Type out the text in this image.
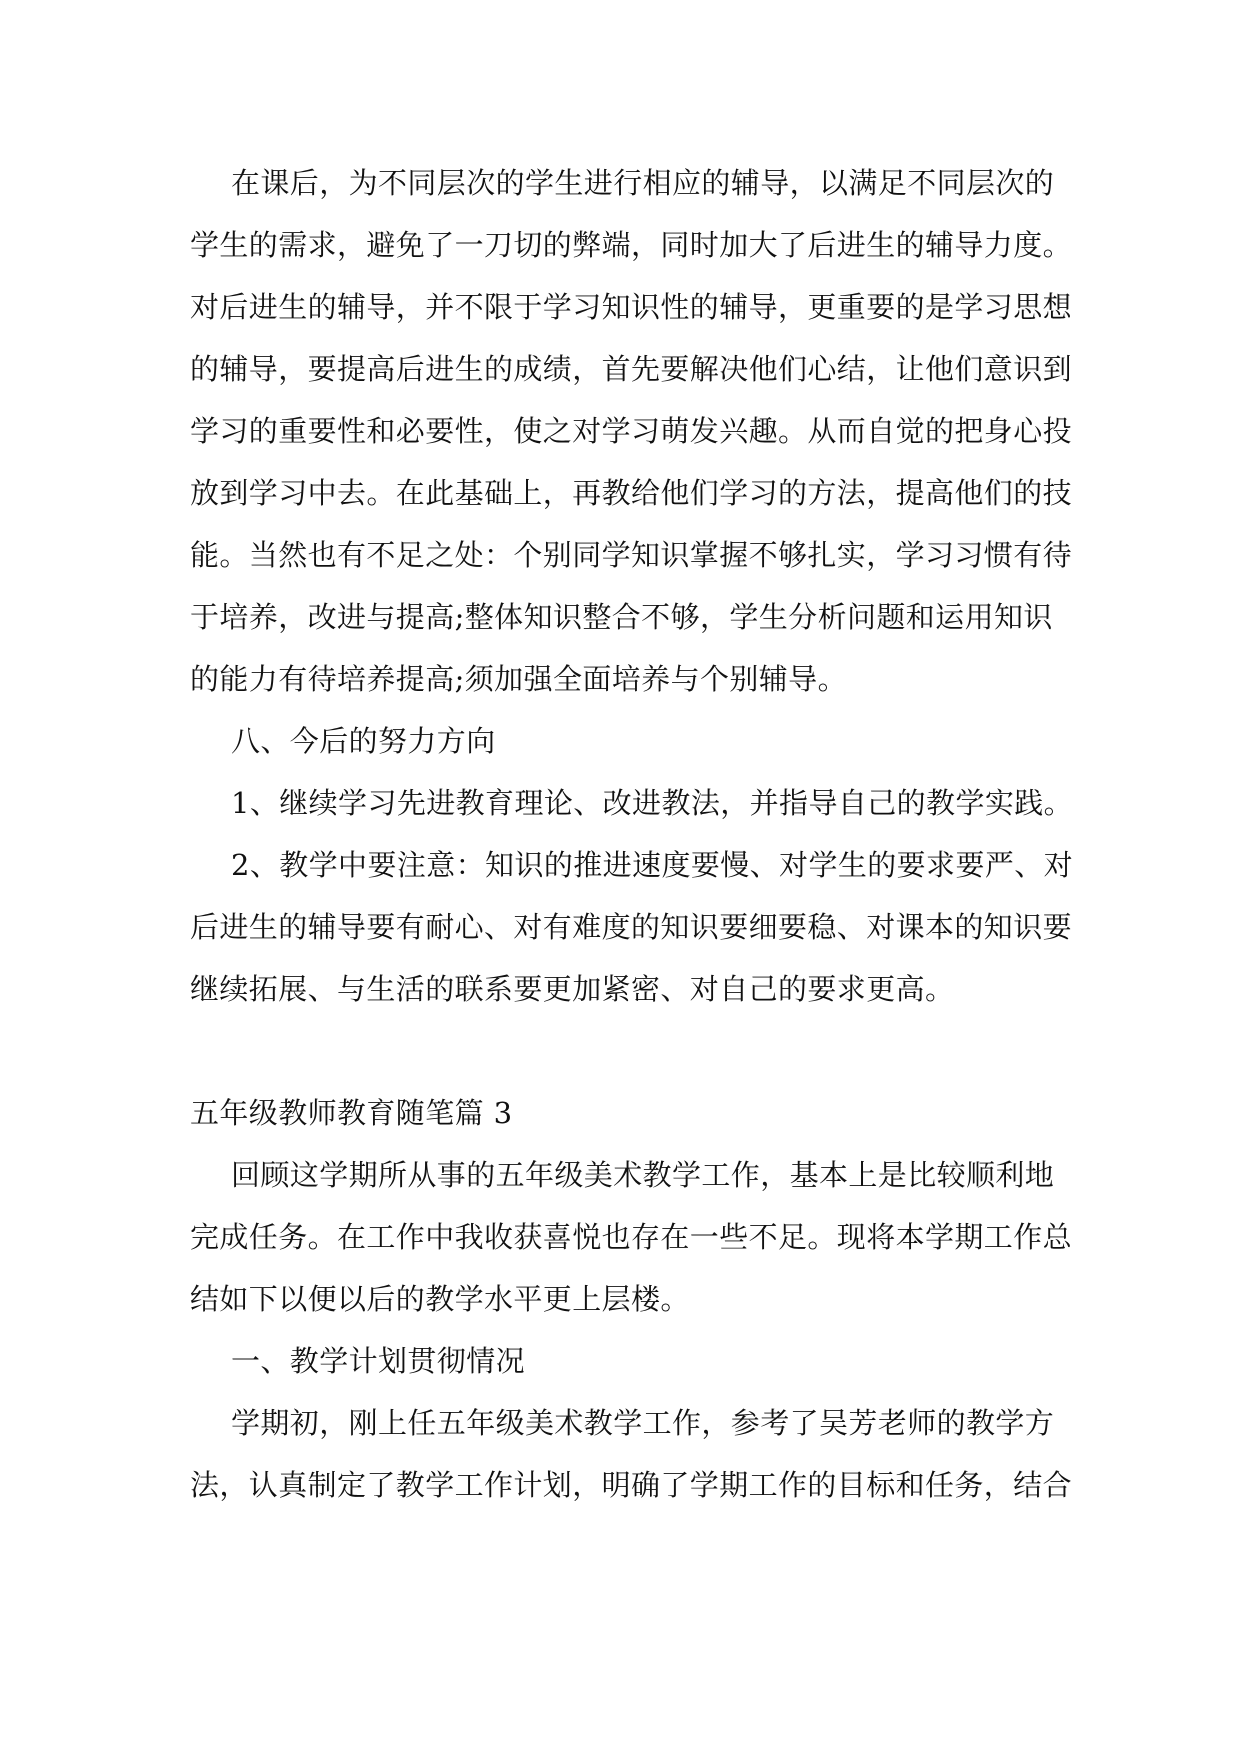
在课后，为不同层次的学生进行相应的辅导，以满足不同层次的
学生的需求，避免了一刀切的弊端，同时加大了后进生的辅导力度。
对后进生的辅导，并不限于学习知识性的辅导，更重要的是学习思想
的辅导，要提高后进生的成绩，首先要解决他们心结，让他们意识到
学习的重要性和必要性，使之对学习萌发兴趣。从而自觉的把身心投
放到学习中去。在此基础上，再教给他们学习的方法，提高他们的技
能。当然也有不足之处：个别同学知识掌握不够扎实，学习习惯有待
于培养，改进与提高;整体知识整合不够，学生分析问题和运用知识
的能力有待培养提高;须加强全面培养与个别辅导。
八、今后的努力方向
1、继续学习先进教育理论、改进教法，并指导自己的教学实践。
2、教学中要注意：知识的推进速度要慢、对学生的要求要严、对
后进生的辅导要有耐心、对有难度的知识要细要稳、对课本的知识要
继续拓展、与生活的联系要更加紧密、对自己的要求更高。
五年级教师教育随笔篇 3
回顾这学期所从事的五年级美术教学工作，基本上是比较顺利地
完成任务。在工作中我收获喜悦也存在一些不足。现将本学期工作总
结如下以便以后的教学水平更上层楼。
一、教学计划贯彻情况
学期初，刚上任五年级美术教学工作，参考了吴芳老师的教学方
法，认真制定了教学工作计划，明确了学期工作的目标和任务，结合
